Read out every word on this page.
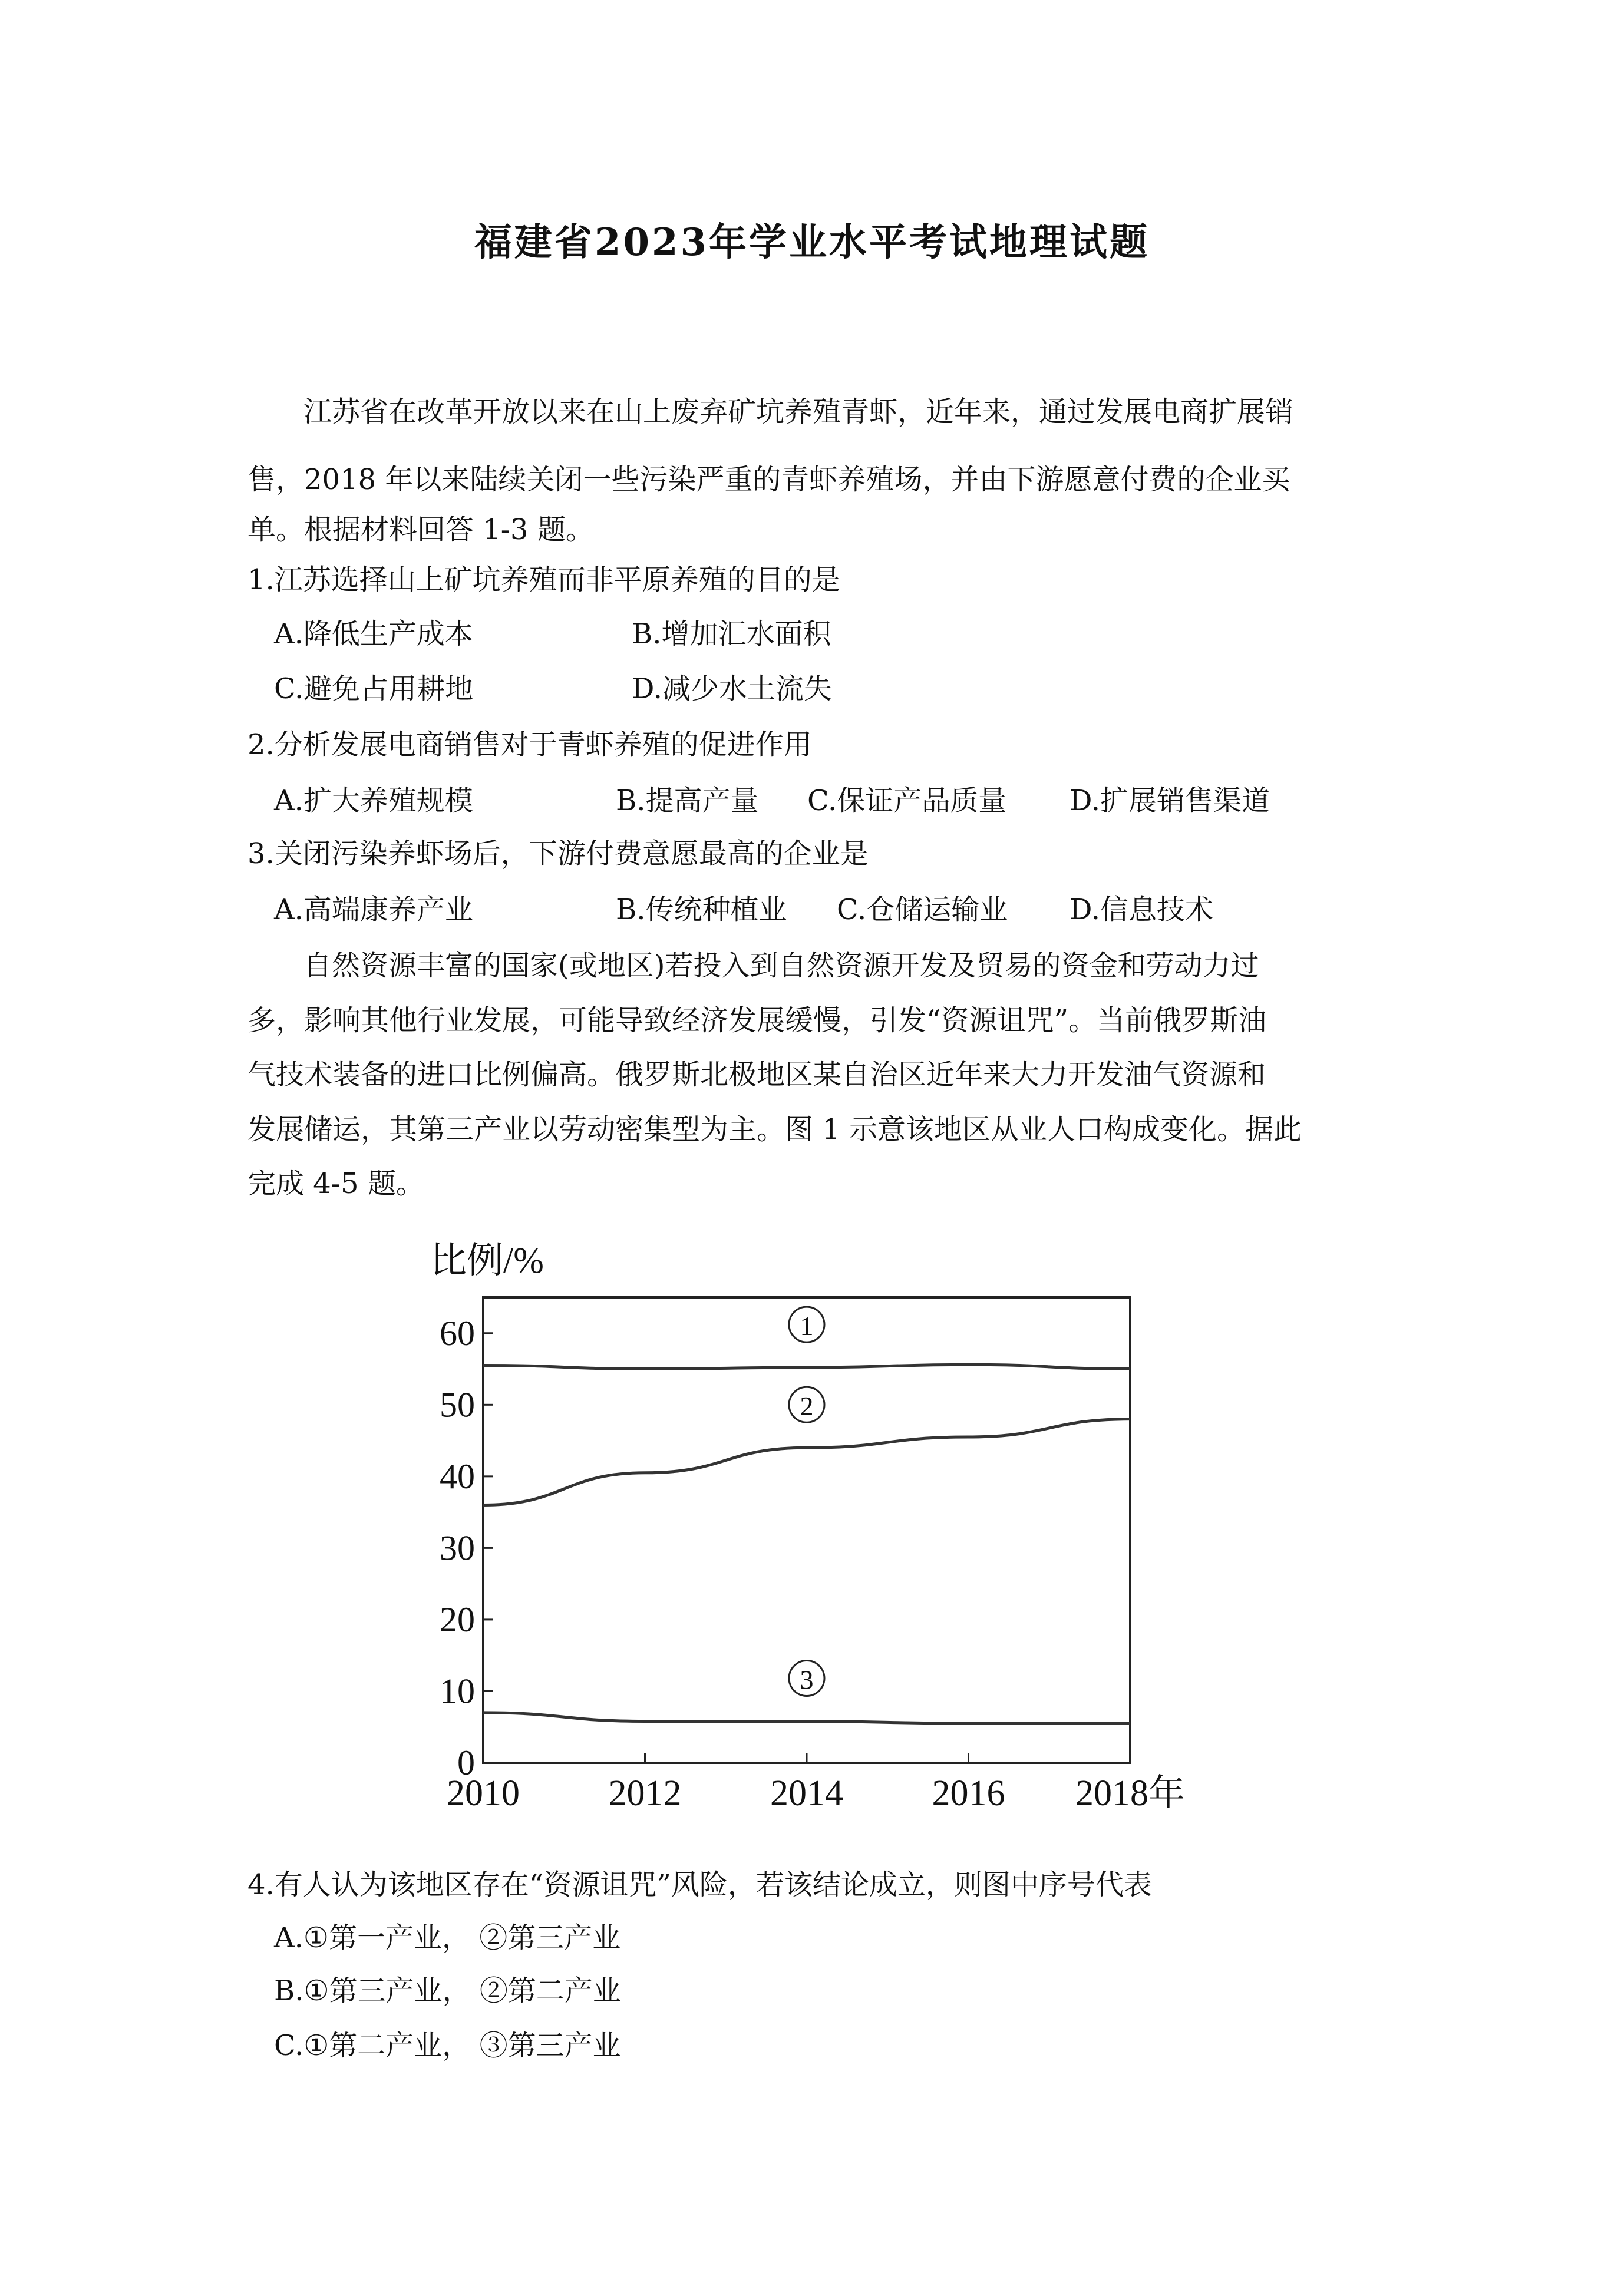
福建省2023年学业水平考试地理试题
江苏省在改革开放以来在山上废弃矿坑养殖青虾，近年来，通过发展电商扩展销
售，2018 年以来陆续关闭一些污染严重的青虾养殖场，并由下游愿意付费的企业买
单。根据材料回答 1-3 题。
1.江苏选择山上矿坑养殖而非平原养殖的目的是
A.降低生产成本	B.增加汇水面积
C.避免占用耕地	D.减少水土流失
2.分析发展电商销售对于青虾养殖的促进作用
A.扩大养殖规模	B.提高产量 C.保证产品质量 D.扩展销售渠道
3.关闭污染养虾场后，下游付费意愿最高的企业是
A.高端康养产业	B.传统种植业 C.仓储运输业 D.信息技术
自然资源丰富的国家(或地区)若投入到自然资源开发及贸易的资金和劳动力过
多，影响其他行业发展，可能导致经济发展缓慢，引发“资源诅咒”。当前俄罗斯油
气技术装备的进口比例偏高。俄罗斯北极地区某自治区近年来大力开发油气资源和
发展储运，其第三产业以劳动密集型为主。图 1 示意该地区从业人口构成变化。据此
完成 4-5 题。
比例/%
0
10
20
30
40
50
60
2010 2012 2014 2016 2018年
1
2
3
4.有人认为该地区存在“资源诅咒”风险，若该结论成立，则图中序号代表
A.①第一产业， ②第三产业
B.①第三产业， ②第二产业
C.①第二产业， ③第三产业
